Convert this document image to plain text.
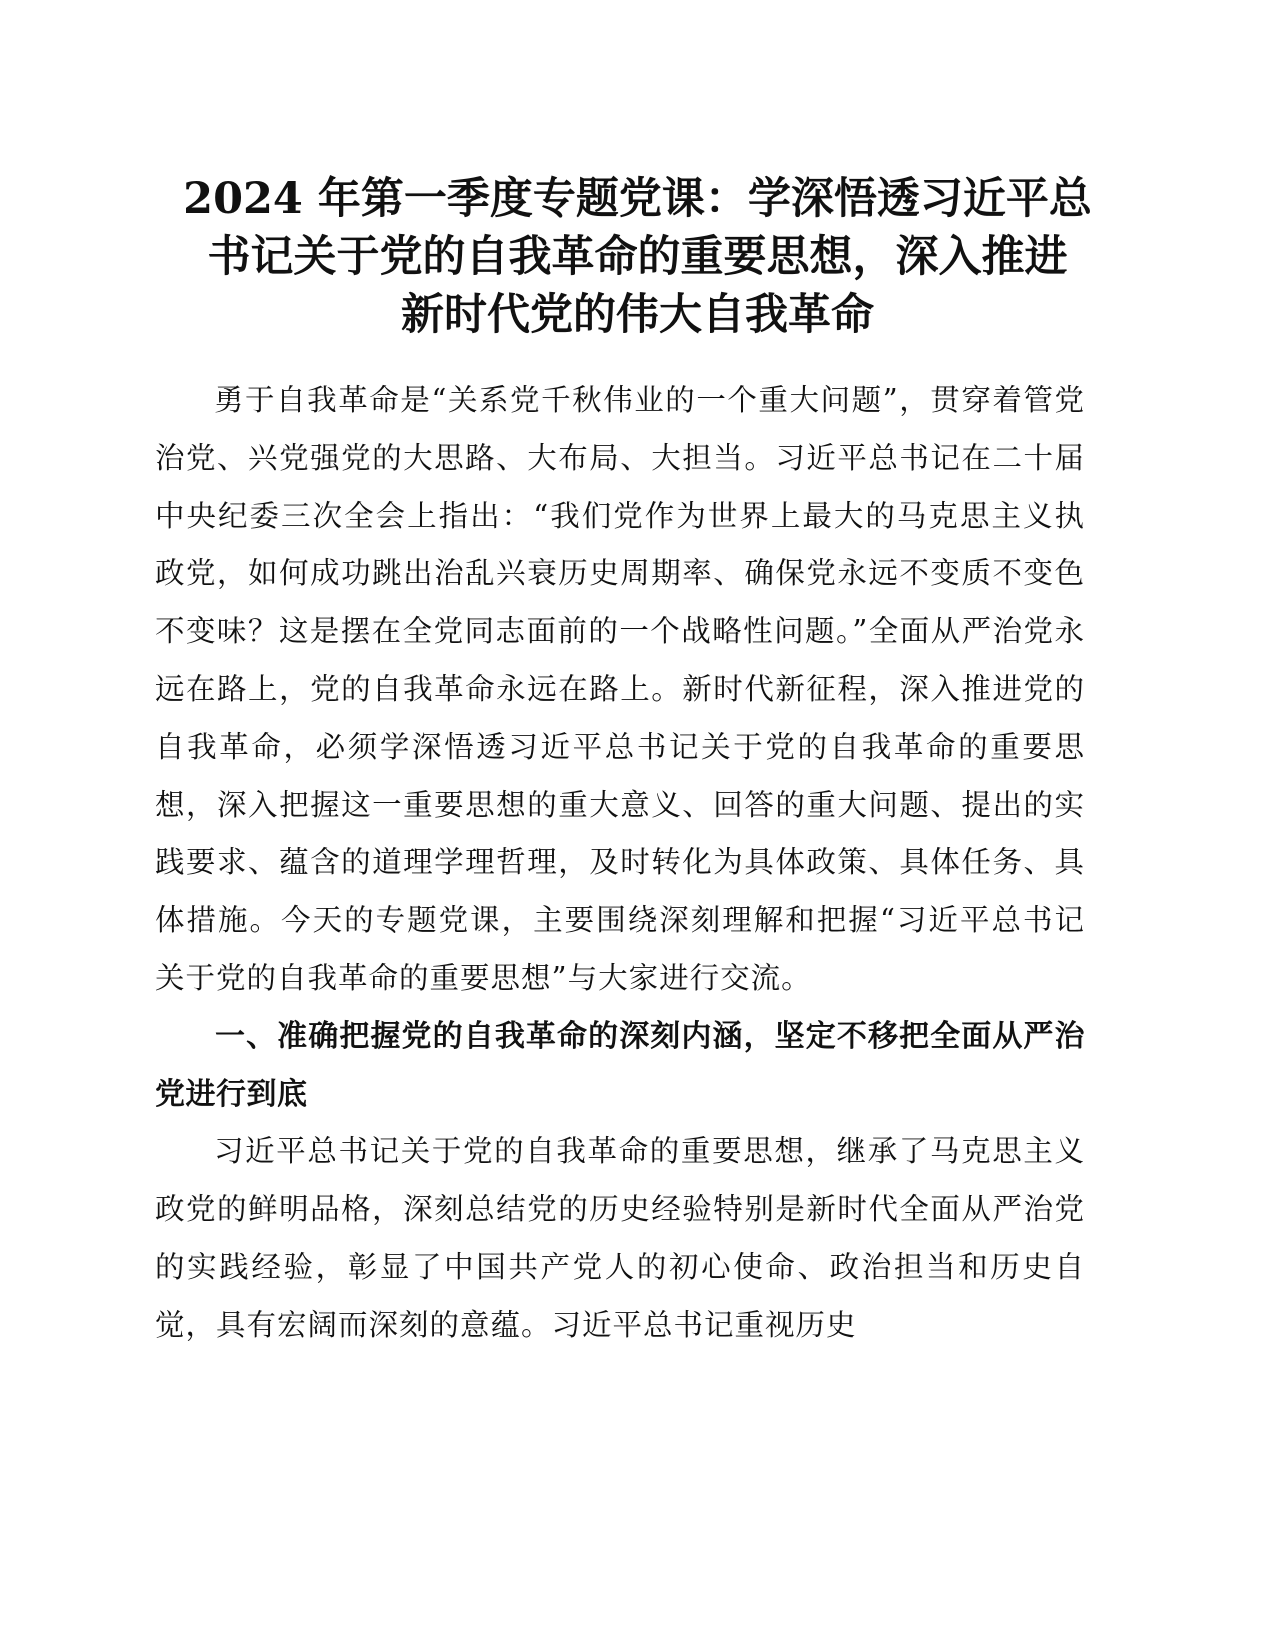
2024 年第一季度专题党课：学深悟透习近平总
书记关于党的自我革命的重要思想，深入推进
新时代党的伟大自我革命

勇于自我革命是“关系党千秋伟业的一个重大问题”，贯穿着管党治党、兴党强党的大思路、大布局、大担当。习近平总书记在二十届中央纪委三次全会上指出：“我们党作为世界上最大的马克思主义执政党，如何成功跳出治乱兴衰历史周期率、确保党永远不变质不变色不变味？这是摆在全党同志面前的一个战略性问题。”全面从严治党永远在路上，党的自我革命永远在路上。新时代新征程，深入推进党的自我革命，必须学深悟透习近平总书记关于党的自我革命的重要思想，深入把握这一重要思想的重大意义、回答的重大问题、提出的实践要求、蕴含的道理学理哲理，及时转化为具体政策、具体任务、具体措施。今天的专题党课，主要围绕深刻理解和把握“习近平总书记关于党的自我革命的重要思想”与大家进行交流。

一、准确把握党的自我革命的深刻内涵，坚定不移把全面从严治党进行到底

习近平总书记关于党的自我革命的重要思想，继承了马克思主义政党的鲜明品格，深刻总结党的历史经验特别是新时代全面从严治党的实践经验，彰显了中国共产党人的初心使命、政治担当和历史自觉，具有宏阔而深刻的意蕴。习近平总书记重视历史
